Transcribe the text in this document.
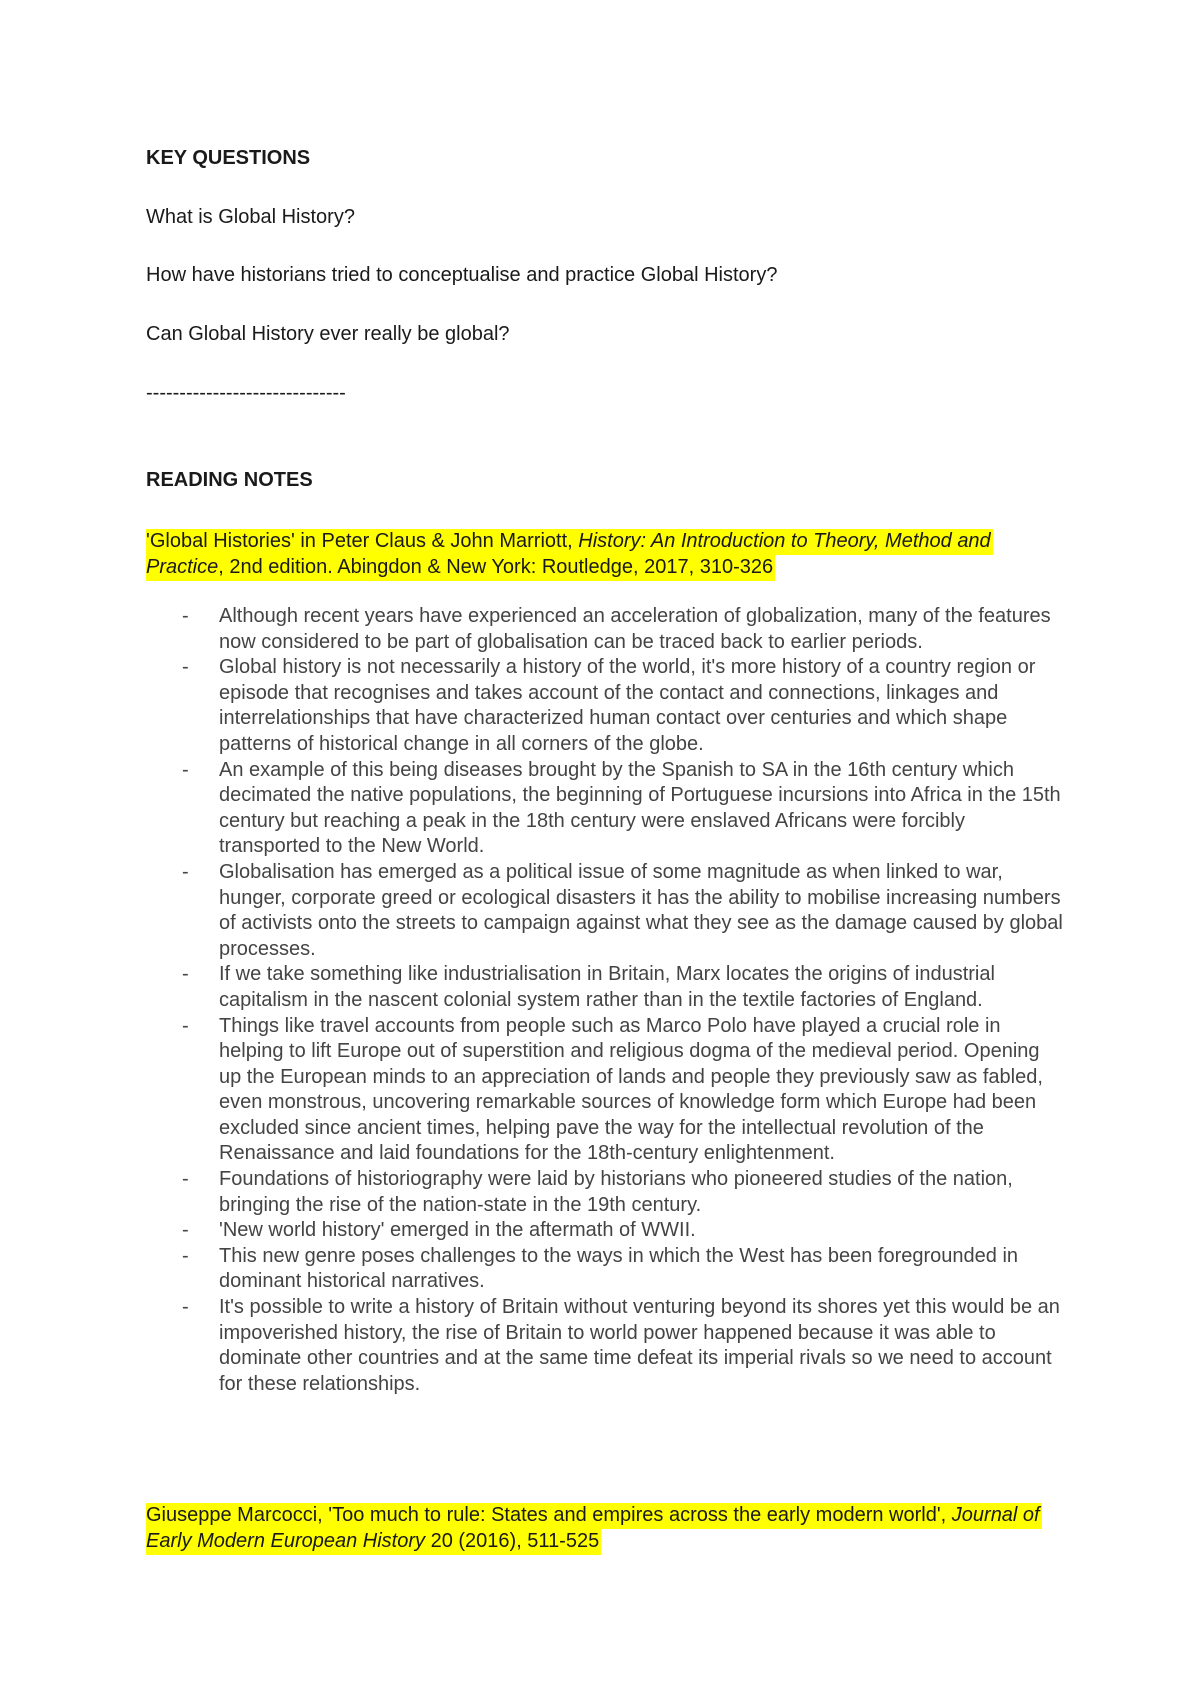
KEY QUESTIONS

What is Global History?

How have historians tried to conceptualise and practice Global History?

Can Global History ever really be global?

------------------------------

READING NOTES

'Global Histories' in Peter Claus & John Marriott, History: An Introduction to Theory, Method and Practice, 2nd edition. Abingdon & New York: Routledge, 2017, 310-326

- Although recent years have experienced an acceleration of globalization, many of the features now considered to be part of globalisation can be traced back to earlier periods.
- Global history is not necessarily a history of the world, it's more history of a country region or episode that recognises and takes account of the contact and connections, linkages and interrelationships that have characterized human contact over centuries and which shape patterns of historical change in all corners of the globe.
- An example of this being diseases brought by the Spanish to SA in the 16th century which decimated the native populations, the beginning of Portuguese incursions into Africa in the 15th century but reaching a peak in the 18th century were enslaved Africans were forcibly transported to the New World.
- Globalisation has emerged as a political issue of some magnitude as when linked to war, hunger, corporate greed or ecological disasters it has the ability to mobilise increasing numbers of activists onto the streets to campaign against what they see as the damage caused by global processes.
- If we take something like industrialisation in Britain, Marx locates the origins of industrial capitalism in the nascent colonial system rather than in the textile factories of England.
- Things like travel accounts from people such as Marco Polo have played a crucial role in helping to lift Europe out of superstition and religious dogma of the medieval period. Opening up the European minds to an appreciation of lands and people they previously saw as fabled, even monstrous, uncovering remarkable sources of knowledge form which Europe had been excluded since ancient times, helping pave the way for the intellectual revolution of the Renaissance and laid foundations for the 18th-century enlightenment.
- Foundations of historiography were laid by historians who pioneered studies of the nation, bringing the rise of the nation-state in the 19th century.
- 'New world history' emerged in the aftermath of WWII.
- This new genre poses challenges to the ways in which the West has been foregrounded in dominant historical narratives.
- It's possible to write a history of Britain without venturing beyond its shores yet this would be an impoverished history, the rise of Britain to world power happened because it was able to dominate other countries and at the same time defeat its imperial rivals so we need to account for these relationships.

Giuseppe Marcocci, 'Too much to rule: States and empires across the early modern world', Journal of Early Modern European History 20 (2016), 511-525
